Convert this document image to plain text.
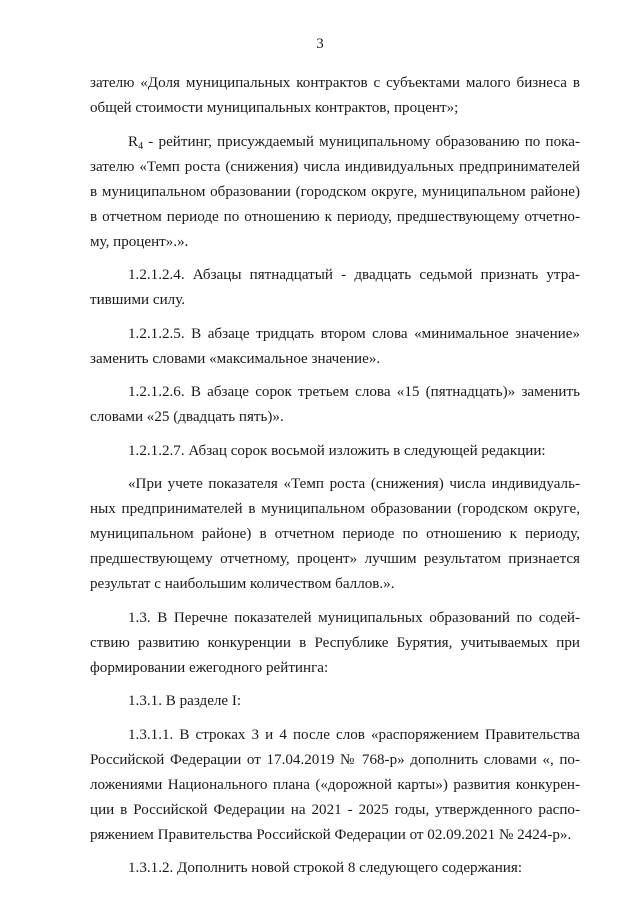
3
зателю «Доля муниципальных контрактов с субъектами малого бизнеса в
общей стоимости муниципальных контрактов, процент»;
$R_4$ - рейтинг, присуждаемый муниципальному образованию по пока-
зателю «Темп роста (снижения) числа индивидуальных предпринимателей
в муниципальном образовании (городском округе, муниципальном районе)
в отчетном периоде по отношению к периоду, предшествующему отчетно-
му, процент».».
1.2.1.2.4. Абзацы пятнадцатый - двадцать седьмой признать утра-
тившими силу.
1.2.1.2.5. В абзаце тридцать втором слова «минимальное значение»
заменить словами «максимальное значение».
1.2.1.2.6. В абзаце сорок третьем слова «15 (пятнадцать)» заменить
словами «25 (двадцать пять)».
1.2.1.2.7. Абзац сорок восьмой изложить в следующей редакции:
«При учете показателя «Темп роста (снижения) числа индивидуаль-
ных предпринимателей в муниципальном образовании (городском округе,
муниципальном районе) в отчетном периоде по отношению к периоду,
предшествующему отчетному, процент» лучшим результатом признается
результат с наибольшим количеством баллов.».
1.3. В Перечне показателей муниципальных образований по содей-
ствию развитию конкуренции в Республике Бурятия, учитываемых при
формировании ежегодного рейтинга:
1.3.1. В разделе I:
1.3.1.1. В строках 3 и 4 после слов «распоряжением Правительства
Российской Федерации от 17.04.2019 № 768-р» дополнить словами «, по-
ложениями Национального плана («дорожной карты») развития конкурен-
ции в Российской Федерации на 2021 - 2025 годы, утвержденного распо-
ряжением Правительства Российской Федерации от 02.09.2021 № 2424-р».
1.3.1.2. Дополнить новой строкой 8 следующего содержания:
